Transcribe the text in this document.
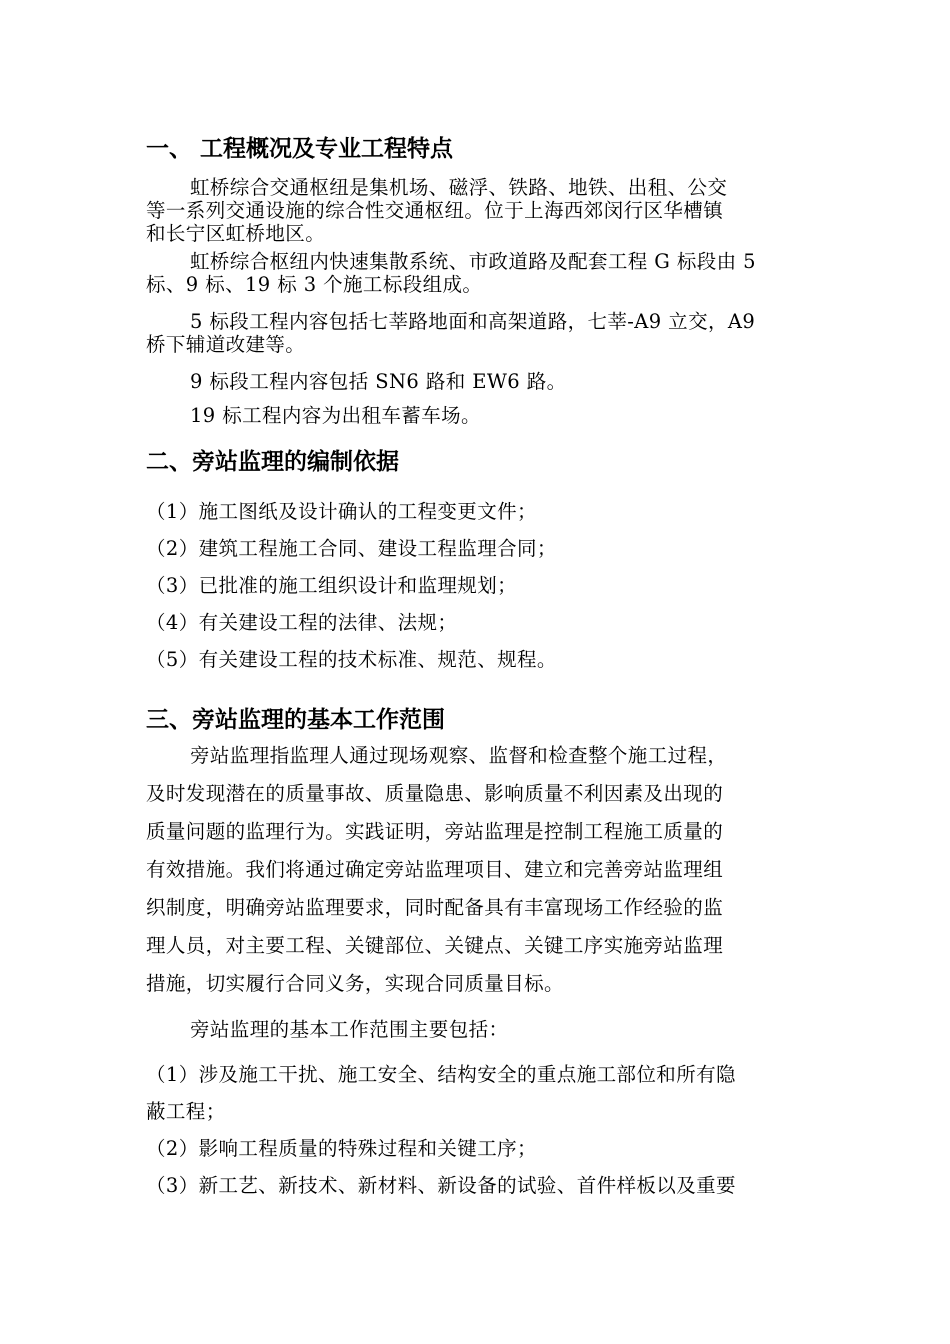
一、 工程概况及专业工程特点
虹桥综合交通枢纽是集机场、磁浮、铁路、地铁、出租、公交
等一系列交通设施的综合性交通枢纽。位于上海西郊闵行区华槽镇
和长宁区虹桥地区。
虹桥综合枢纽内快速集散系统、市政道路及配套工程 G 标段由 5
标、9 标、19 标 3 个施工标段组成。
5 标段工程内容包括七莘路地面和高架道路，七莘-A9 立交，A9
桥下辅道改建等。
9 标段工程内容包括 SN6 路和 EW6 路。
19 标工程内容为出租车蓄车场。
二、旁站监理的编制依据
（1）施工图纸及设计确认的工程变更文件；
（2）建筑工程施工合同、建设工程监理合同；
（3）已批准的施工组织设计和监理规划；
（4）有关建设工程的法律、法规；
（5）有关建设工程的技术标准、规范、规程。
三、旁站监理的基本工作范围
旁站监理指监理人通过现场观察、监督和检查整个施工过程，
及时发现潜在的质量事故、质量隐患、影响质量不利因素及出现的
质量问题的监理行为。实践证明，旁站监理是控制工程施工质量的
有效措施。我们将通过确定旁站监理项目、建立和完善旁站监理组
织制度，明确旁站监理要求，同时配备具有丰富现场工作经验的监
理人员，对主要工程、关键部位、关键点、关键工序实施旁站监理
措施，切实履行合同义务，实现合同质量目标。
旁站监理的基本工作范围主要包括：
（1）涉及施工干扰、施工安全、结构安全的重点施工部位和所有隐
蔽工程；
（2）影响工程质量的特殊过程和关键工序；
（3）新工艺、新技术、新材料、新设备的试验、首件样板以及重要
